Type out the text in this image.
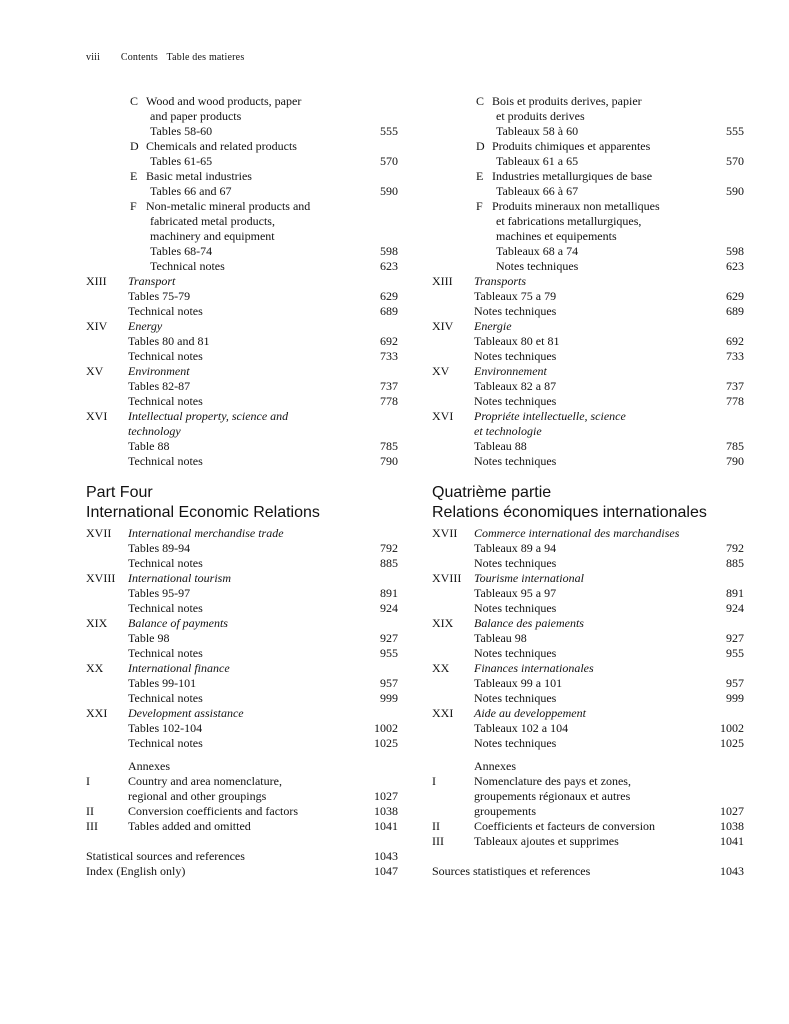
viii Contents Table des matieres
C Wood and wood products, paper
and paper products
Tables 58-60	555
D Chemicals and related products
Tables 61-65	570
E Basic metal industries
Tables 66 and 67	590
F Non-metalic mineral products and
fabricated metal products,
machinery and equipment
Tables 68-74	598
Technical notes	623
XIII Transport
Tables 75-79	629
Technical notes	689
XIV Energy
Tables 80 and 81	692
Technical notes	733
XV Environment
Tables 82-87	737
Technical notes	778
XVI Intellectual property, science and
technology
Table 88	785
Technical notes	790
Part Four
International Economic Relations
XVII International merchandise trade
Tables 89-94	792
Technical notes	885
XVIII International tourism
Tables 95-97	891
Technical notes	924
XIX Balance of payments
Table 98	927
Technical notes	955
XX International finance
Tables 99-101	957
Technical notes	999
XXI Development assistance
Tables 102-104	1002
Technical notes	1025
Annexes
I	Country and area nomenclature,
regional and other groupings	1027
II	Conversion coefficients and factors	1038
III	Tables added and omitted	1041
Statistical sources and references	1043
Index (English only)	1047
C Bois et produits derives, papier
et produits derives
Tableaux 58 à 60	555
D Produits chimiques et apparentes
Tableaux 61 a 65	570
E Industries metallurgiques de base
Tableaux 66 à 67	590
F Produits mineraux non metalliques
et fabrications metallurgiques,
machines et equipements
Tableaux 68 a 74	598
Notes techniques	623
XIII Transports
Tableaux 75 a 79	629
Notes techniques	689
XIV Energie
Tableaux 80 et 81	692
Notes techniques	733
XV Environnement
Tableaux 82 a 87	737
Notes techniques	778
XVI Propriéte intellectuelle, science
et technologie
Tableau 88	785
Notes techniques	790
Quatrième partie
Relations économiques internationales
XVII Commerce international des marchandises
Tableaux 89 a 94	792
Notes techniques	885
XVIII Tourisme international
Tableaux 95 a 97	891
Notes techniques	924
XIX Balance des paiements
Tableau 98	927
Notes techniques	955
XX Finances internationales
Tableaux 99 a 101	957
Notes techniques	999
XXI Aide au developpement
Tableaux 102 a 104	1002
Notes techniques	1025
Annexes
I	Nomenclature des pays et zones,
groupements régionaux et autres
groupements	1027
II	Coefficients et facteurs de conversion	1038
III	Tableaux ajoutes et supprimes	1041
Sources statistiques et references	1043
